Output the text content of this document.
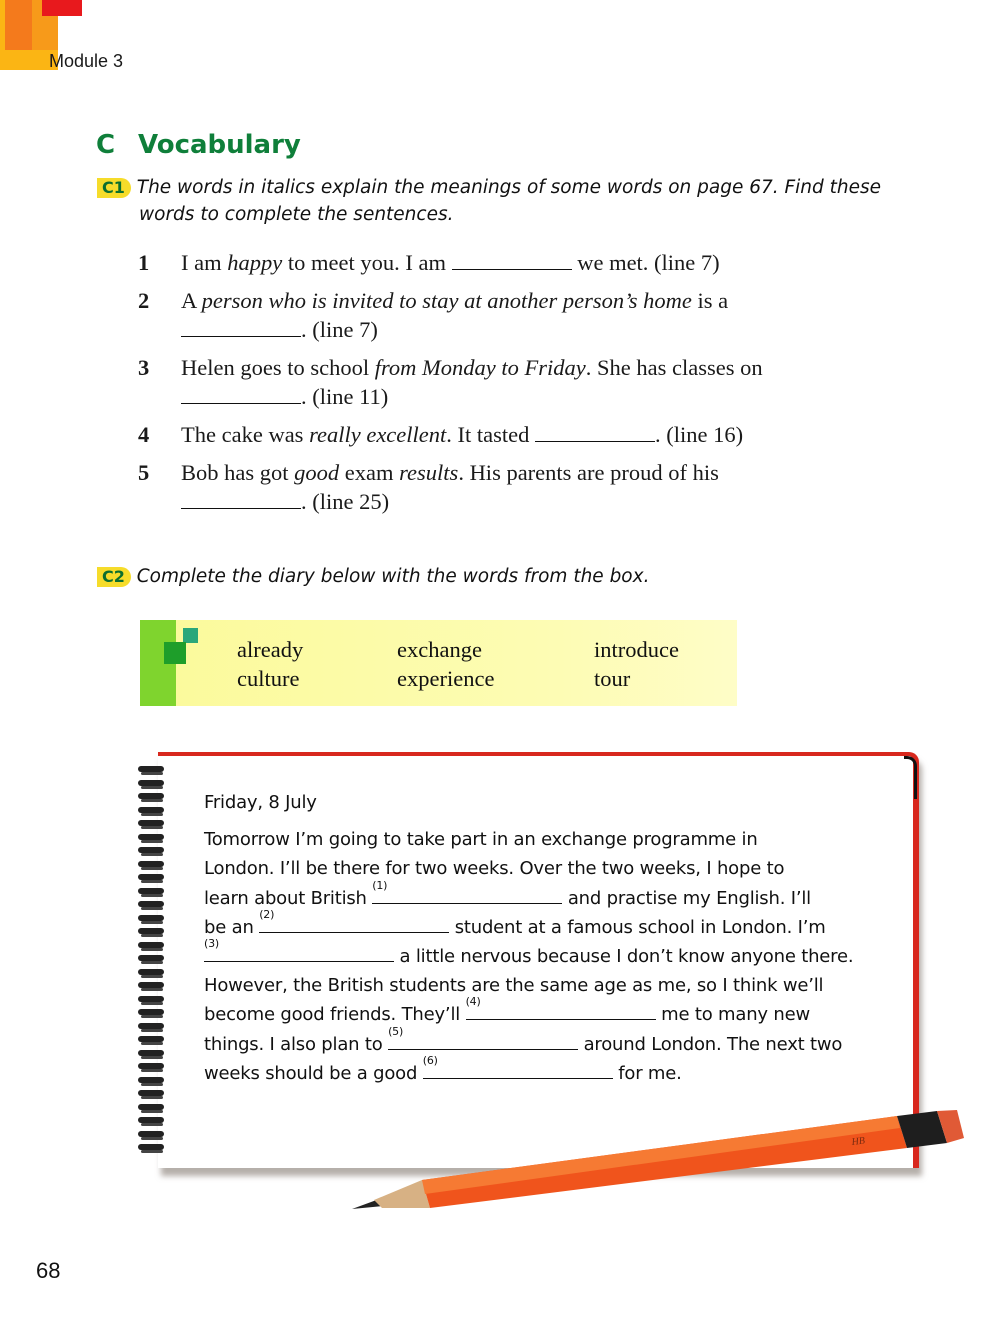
Module 3
C Vocabulary
C1 The words in italics explain the meanings of some words on page 67. Find these
words to complete the sentences.
1	I am happy to meet you. I am	we met. (line 7)
2	A person who is invited to stay at another person’s home is a
. (line 7)
3	Helen goes to school from Monday to Friday. She has classes on
. (line 11)
4	The cake was really excellent. It tasted	. (line 16)
5	Bob has got good exam results. His parents are proud of his
. (line 25)
C2 Complete the diary below with the words from the box.
already	exchange	introduce
culture	experience	tour
Friday, 8 July
Tomorrow I’m going to take part in an exchange programme in
London. I’ll be there for two weeks. Over the two weeks, I hope to
learn about British
(1)
and practise my English. I’ll
be an
(2)
student at a famous school in London. I’m
(3)
a little nervous because I don’t know anyone there.
However, the British students are the same age as me, so I think we’ll
become good friends. They’ll
(4)
me to many new
things. I also plan to
(5)
around London. The next two
weeks should be a good
(6)
for me.
HB
68
